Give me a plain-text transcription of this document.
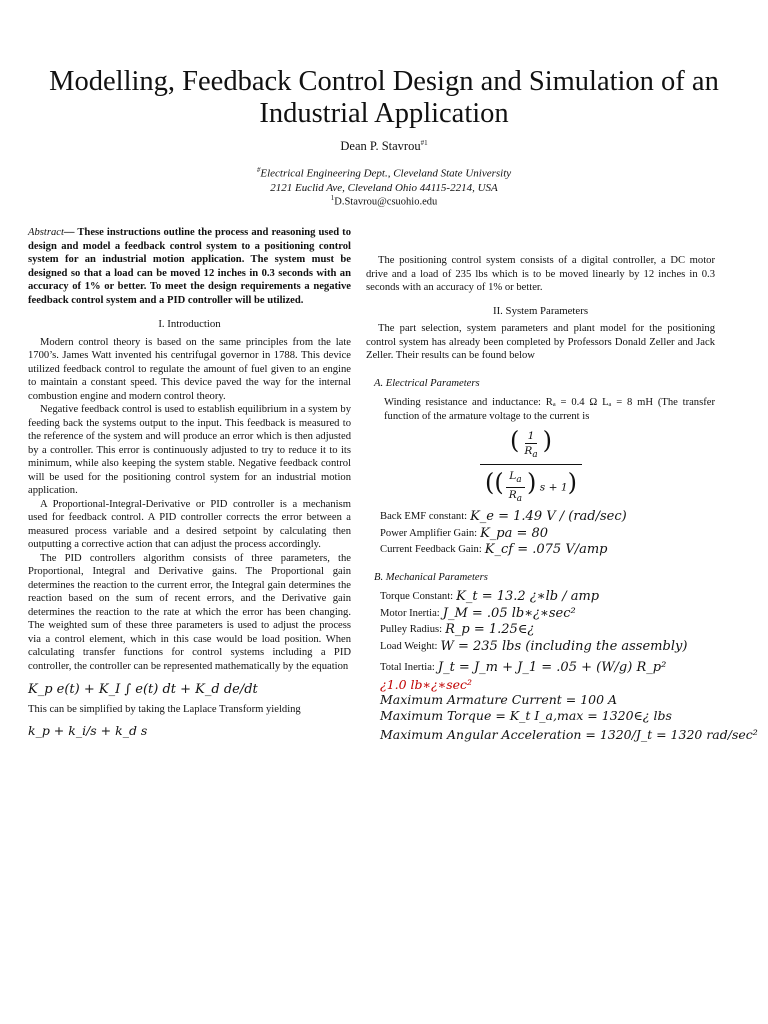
Modelling, Feedback Control Design and Simulation of an Industrial Application
Dean P. Stavrou$^{\#1}$
#Electrical Engineering Dept., Cleveland State University
2121 Euclid Ave, Cleveland Ohio 44115-2214, USA
$^1$D.Stavrou@csuohio.edu
Abstract— These instructions outline the process and reasoning used to design and model a feedback control system to a positioning control system for an industrial motion application. The system must be designed so that a load can be moved 12 inches in 0.3 seconds with an accuracy of 1% or better. To meet the design requirements a negative feedback control system and a PID controller will be utilized.
I. Introduction

Modern control theory is based on the same principles from the late 1700’s. James Watt invented his centrifugal governor in 1788. This device utilized feedback control to regulate the amount of fuel given to an engine to maintain a constant speed. This device paved the way for the internal combustion engine and modern control theory.

Negative feedback control is used to establish equilibrium in a system by feeding back the systems output to the input. This feedback is measured to the reference of the system and will produce an error which is then adjusted by a controller. This error is continuously adjusted to try to reduce it to its minimum, while also keeping the system stable. Negative feedback control will be used for the positioning control system for an industrial motion application.

A Proportional-Integral-Derivative or PID controller is a mechanism used for feedback control. A PID controller corrects the error between a measured process variable and a desired setpoint by calculating then outputting a corrective action that can adjust the process accordingly.

The PID controllers algorithm consists of three parameters, the Proportional, Integral and Derivative gains. The Proportional gain determines the reaction to the current error, the Integral gain determines the reaction based on the sum of recent errors, and the Derivative gain determines the reaction to the rate at which the error has been changing. The weighted sum of these three parameters is used to adjust the process via a control element, which in this case would be load position. When calculating transfer functions for control systems including a PID controller, the controller can be represented mathematically by the equation

K_p e(t) + K_I ∫ e(t) dt + K_d de/dt
This can be simplified by taking the Laplace Transform yielding
k_p + k_i/s + k_d s

The positioning control system consists of a digital controller, a DC motor drive and a load of 235 lbs which is to be moved linearly by 12 inches in 0.3 seconds with an accuracy of 1% or better.

II. System Parameters

The part selection, system parameters and plant model for the positioning control system has already been completed by Professors Donald Zeller and Jack Zeller. Their results can be found below

A. Electrical Parameters
Winding resistance and inductance: Rₐ = 0.4 Ω Lₐ = 8 mH (The transfer function of the armature voltage to the current is
$\frac{( \frac{1}{R_a} )}{(( \frac{L_a}{R_a} ) s + 1)}$
Back EMF constant: K_e = 1.49 V / (rad/sec)
Power Amplifier Gain: K_pa = 80
Current Feedback Gain: K_cf = .075 V/amp
B. Mechanical Parameters
Torque Constant: K_t = 13.2 ¿∗lb / amp
Motor Inertia: J_M = .05 lb∗¿∗sec²
Pulley Radius: R_p = 1.25∈¿
Load Weight: W = 235 lbs (including the assembly)
Total Inertia: J_t = J_m + J_1 = .05 + (W/g) R_p²
¿1.0 lb∗¿∗sec²
Maximum Armature Current = 100 A
Maximum Torque = K_t I_a,max = 1320∈¿ lbs
Maximum Angular Acceleration = 1320/J_t = 1320 rad/sec²
